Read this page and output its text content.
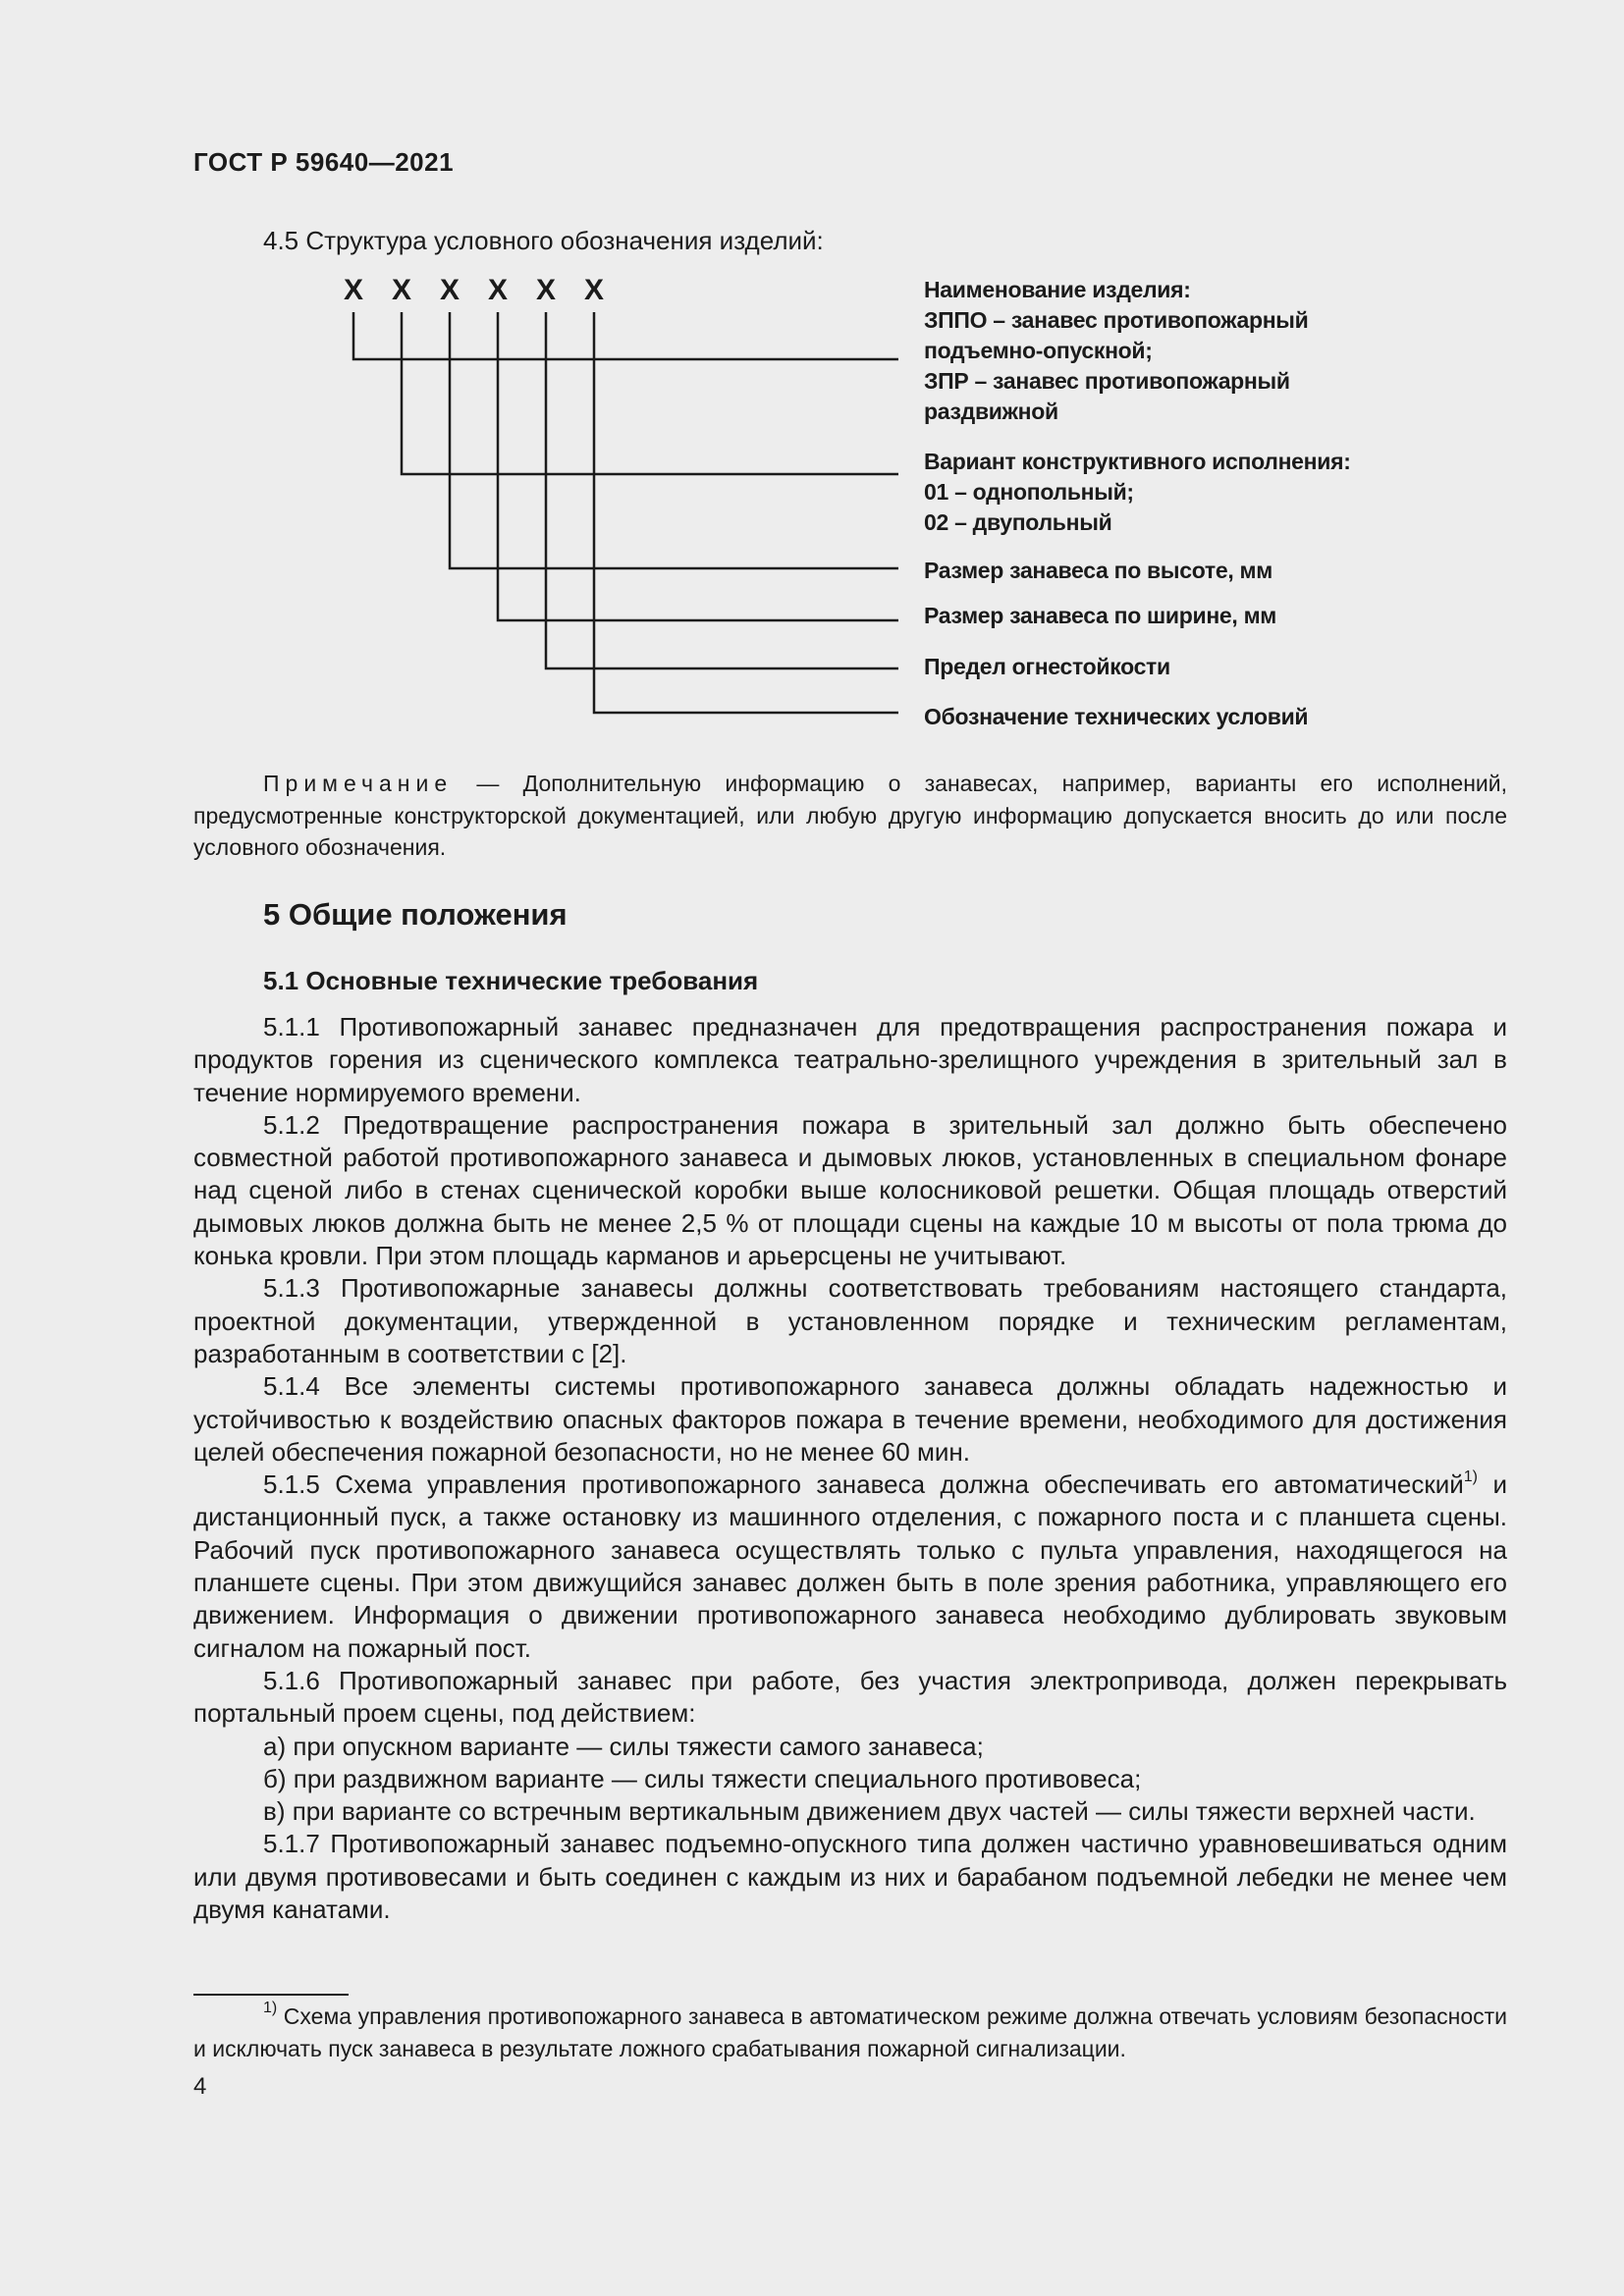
ГОСТ Р 59640—2021
4.5 Структура условного обозначения изделий:
X X X X X X	Наименование изделия:
ЗППО – занавес противопожарный
подъемно-опускной;
ЗПР – занавес противопожарный
раздвижной
Вариант конструктивного исполнения:
01 – однопольный;
02 – двупольный
Размер занавеса по высоте, мм
Размер занавеса по ширине, мм
Предел огнестойкости
Обозначение технических условий
Примечание — Дополнительную информацию о занавесах, например, варианты его исполнений, предусмотренные конструкторской документацией, или любую другую информацию допускается вносить до или после условного обозначения.
5 Общие положения
5.1 Основные технические требования

5.1.1 Противопожарный занавес предназначен для предотвращения распространения пожара и продуктов горения из сценического комплекса театрально-зрелищного учреждения в зрительный зал в течение нормируемого времени.

5.1.2 Предотвращение распространения пожара в зрительный зал должно быть обеспечено совместной работой противопожарного занавеса и дымовых люков, установленных в специальном фонаре над сценой либо в стенах сценической коробки выше колосниковой решетки. Общая площадь отверстий дымовых люков должна быть не менее 2,5 % от площади сцены на каждые 10 м высоты от пола трюма до конька кровли. При этом площадь карманов и арьерсцены не учитывают.

5.1.3 Противопожарные занавесы должны соответствовать требованиям настоящего стандарта, проектной документации, утвержденной в установленном порядке и техническим регламентам, разработанным в соответствии с [2].

5.1.4 Все элементы системы противопожарного занавеса должны обладать надежностью и устойчивостью к воздействию опасных факторов пожара в течение времени, необходимого для достижения целей обеспечения пожарной безопасности, но не менее 60 мин.

5.1.5 Схема управления противопожарного занавеса должна обеспечивать его автоматический$^{1)}$ и дистанционный пуск, а также остановку из машинного отделения, с пожарного поста и с планшета сцены. Рабочий пуск противопожарного занавеса осуществлять только с пульта управления, находящегося на планшете сцены. При этом движущийся занавес должен быть в поле зрения работника, управляющего его движением. Информация о движении противопожарного занавеса необходимо дублировать звуковым сигналом на пожарный пост.

5.1.6 Противопожарный занавес при работе, без участия электропривода, должен перекрывать портальный проем сцены, под действием:

а) при опускном варианте — силы тяжести самого занавеса;

б) при раздвижном варианте — силы тяжести специального противовеса;

в) при варианте со встречным вертикальным движением двух частей — силы тяжести верхней части.

5.1.7 Противопожарный занавес подъемно-опускного типа должен частично уравновешиваться одним или двумя противовесами и быть соединен с каждым из них и барабаном подъемной лебедки не менее чем двумя канатами.

$^{1)}$ Схема управления противопожарного занавеса в автоматическом режиме должна отвечать условиям безопасности и исключать пуск занавеса в результате ложного срабатывания пожарной сигнализации.
4
